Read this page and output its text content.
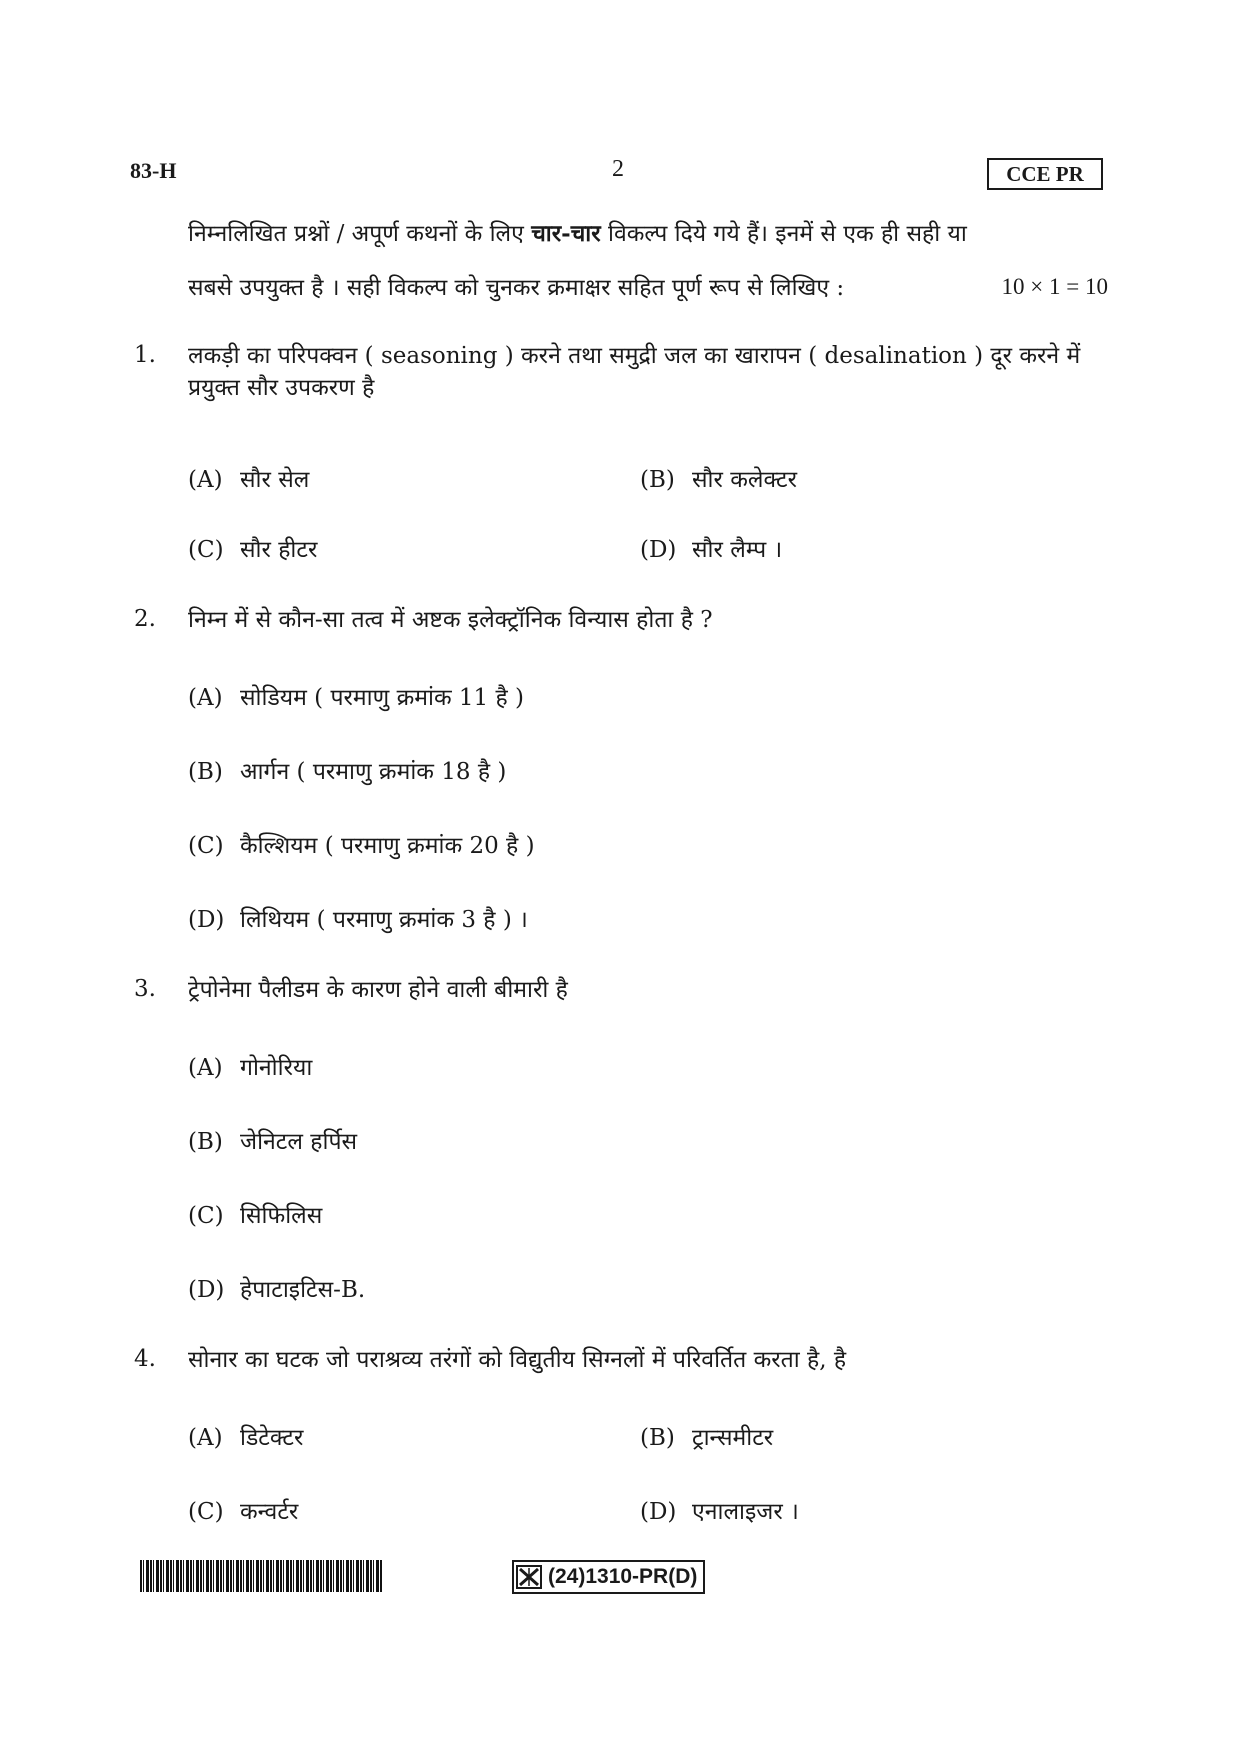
83-H	2	CCE PR
निम्नलिखित प्रश्नों / अपूर्ण कथनों के लिए चार-चार विकल्प दिये गये हैं। इनमें से एक ही सही या
सबसे उपयुक्त है । सही विकल्प को चुनकर क्रमाक्षर सहित पूर्ण रूप से लिखिए :	10 × 1 = 10
1. लकड़ी का परिपक्वन ( seasoning ) करने तथा समुद्री जल का खारापन ( desalination ) दूर करने में प्रयुक्त सौर उपकरण है
(A) सौर सेल	(B) सौर कलेक्टर
(C) सौर हीटर	(D) सौर लैम्प ।
2. निम्न में से कौन-सा तत्व में अष्टक इलेक्ट्रॉनिक विन्यास होता है ?
(A) सोडियम ( परमाणु क्रमांक 11 है )
(B) आर्गन ( परमाणु क्रमांक 18 है )
(C) कैल्शियम ( परमाणु क्रमांक 20 है )
(D) लिथियम ( परमाणु क्रमांक 3 है ) ।
3. ट्रेपोनेमा पैलीडम के कारण होने वाली बीमारी है
(A) गोनोरिया
(B) जेनिटल हर्पिस
(C) सिफिलिस
(D) हेपाटाइटिस-B.
4. सोनार का घटक जो पराश्रव्य तरंगों को विद्युतीय सिग्नलों में परिवर्तित करता है, है
(A) डिटेक्टर	(B) ट्रान्समीटर
(C) कन्वर्टर	(D) एनालाइजर ।
(24)1310-PR(D)
